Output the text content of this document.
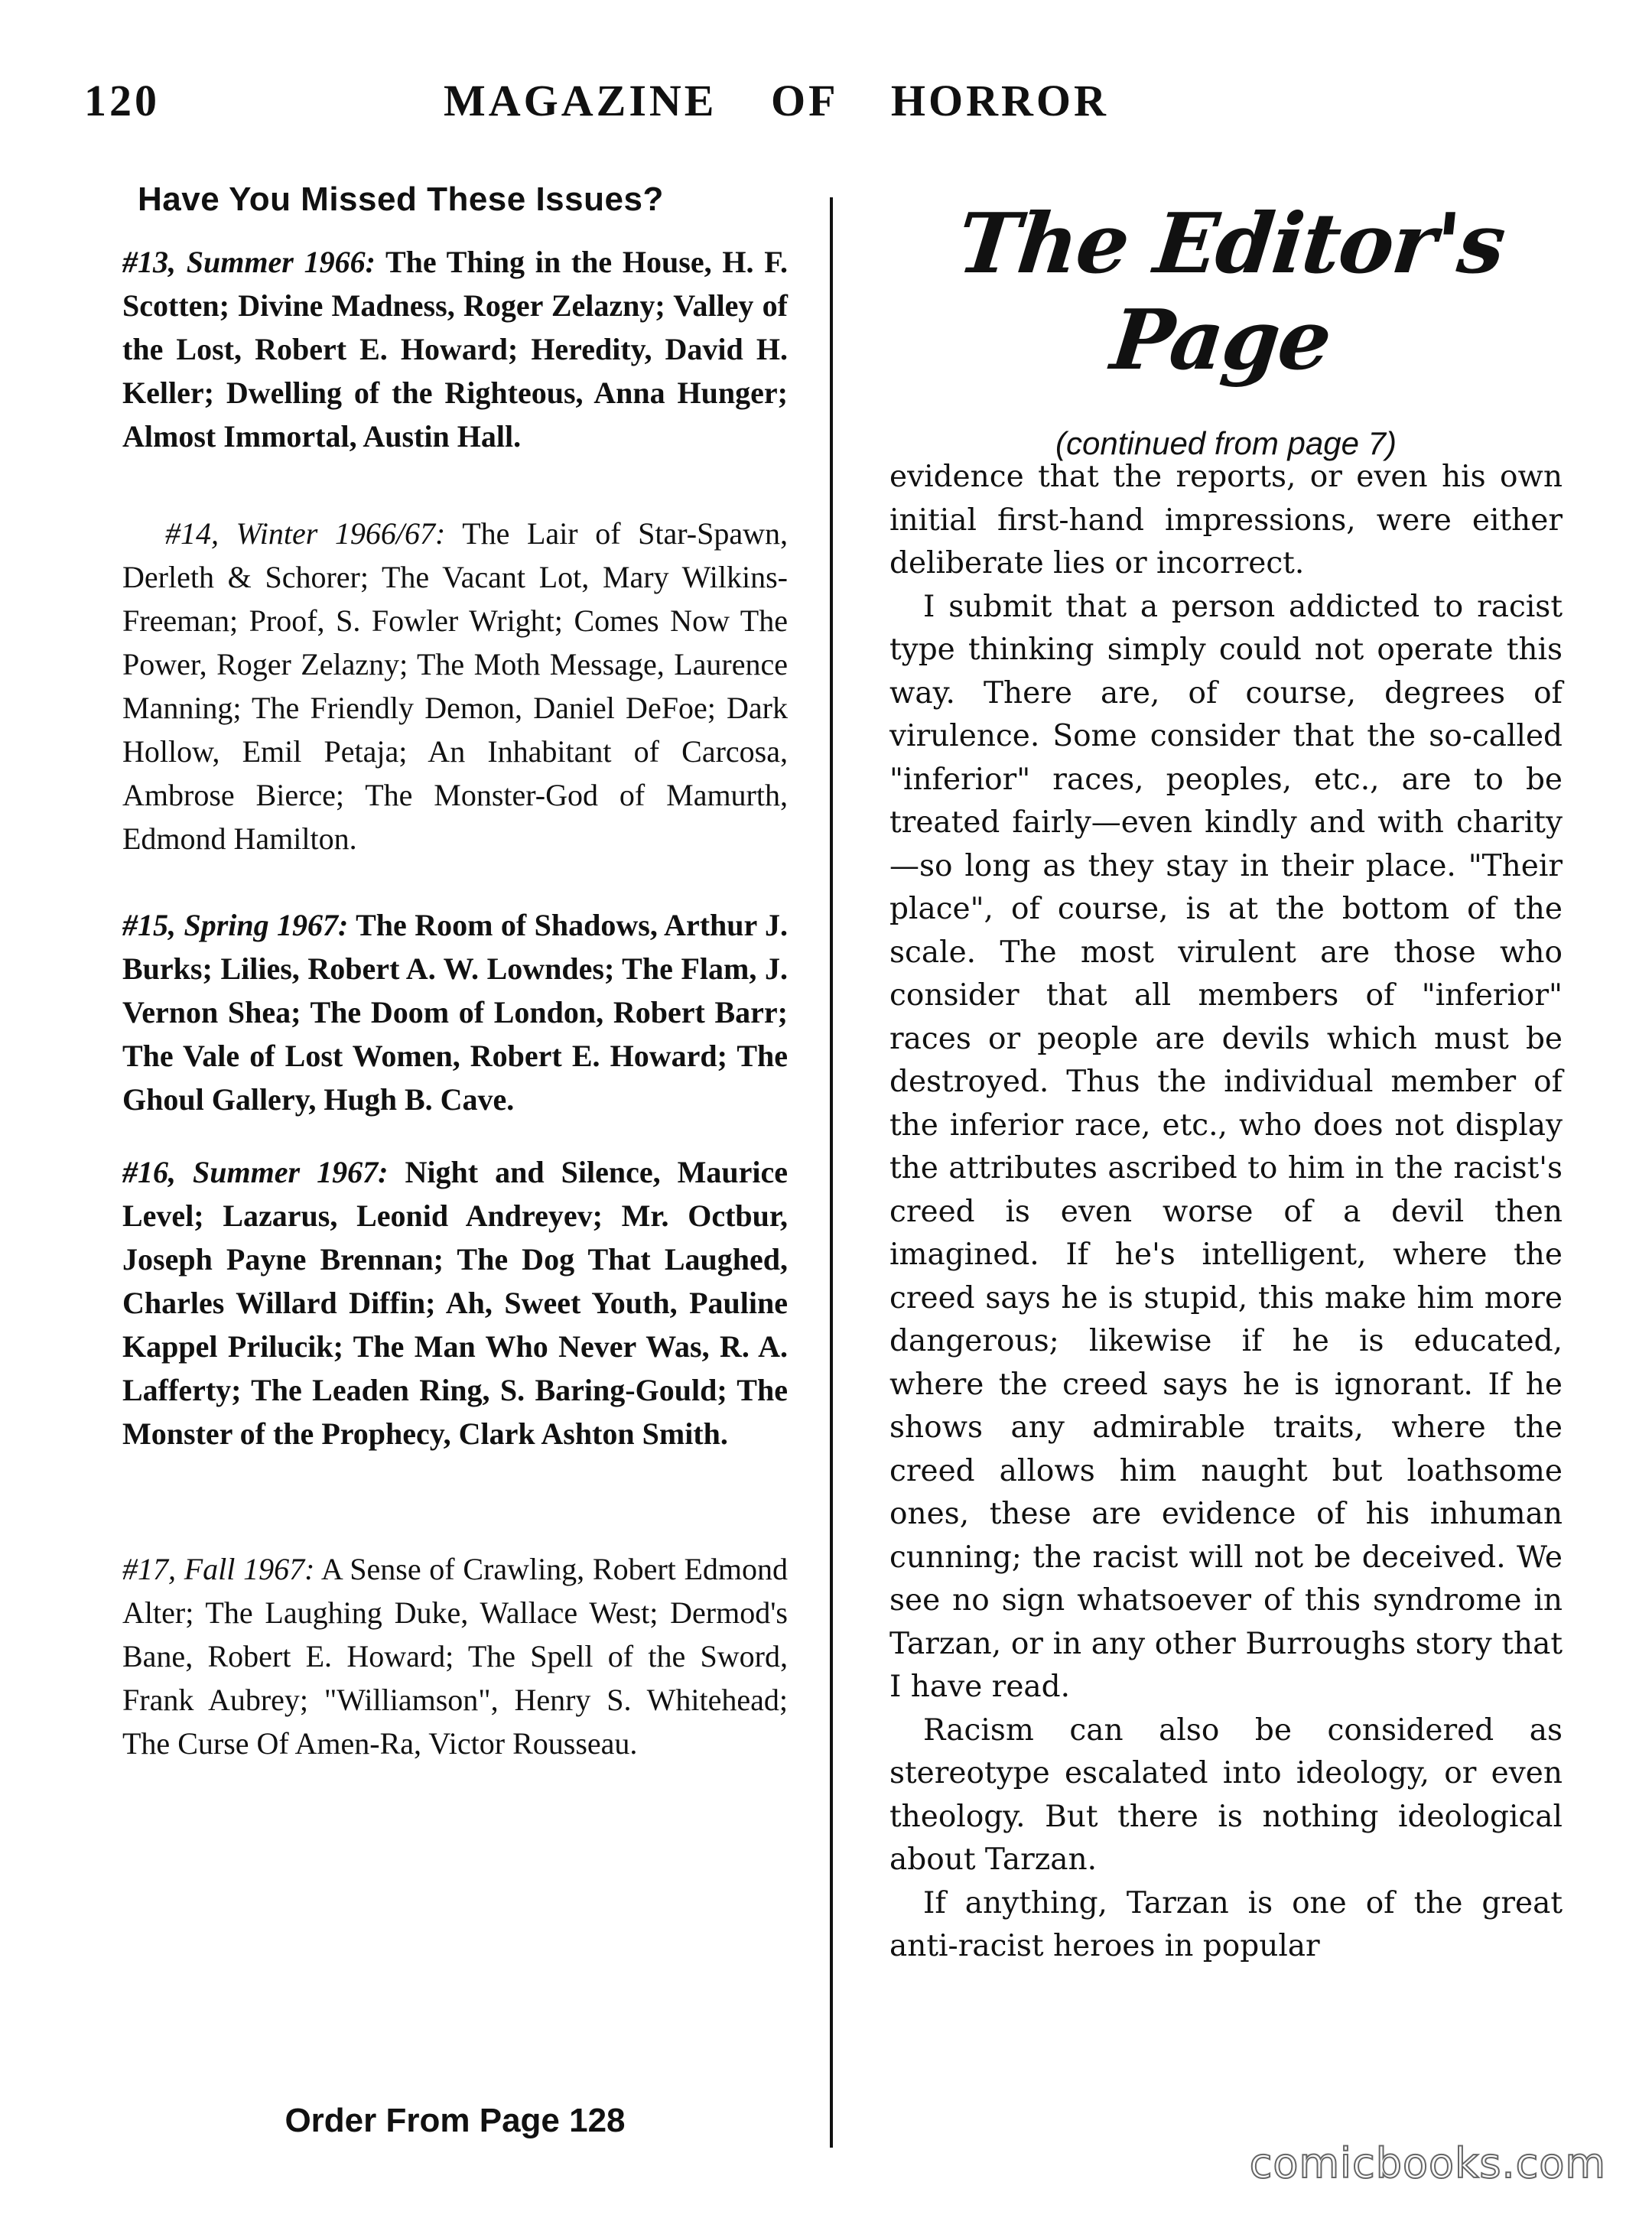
120	MAGAZINE OF HORROR
Have You Missed These Issues?

#13, Summer 1966: The Thing in the House, H. F. Scotten; Divine Madness, Roger Zelazny; Valley of the Lost, Robert E. Howard; Heredity, David H. Keller; Dwelling of the Righteous, Anna Hunger; Almost Immortal, Austin Hall.

#14, Winter 1966/67: The Lair of Star-Spawn, Derleth & Schorer; The Vacant Lot, Mary Wilkins-Freeman; Proof, S. Fowler Wright; Comes Now The Power, Roger Zelazny; The Moth Message, Laurence Manning; The Friendly Demon, Daniel DeFoe; Dark Hollow, Emil Petaja; An Inhabitant of Carcosa, Ambrose Bierce; The Monster-God of Mamurth, Edmond Hamilton.

#15, Spring 1967: The Room of Shadows, Arthur J. Burks; Lilies, Robert A. W. Lowndes; The Flam, J. Vernon Shea; The Doom of London, Robert Barr; The Vale of Lost Women, Robert E. Howard; The Ghoul Gallery, Hugh B. Cave.

#16, Summer 1967: Night and Silence, Maurice Level; Lazarus, Leonid Andreyev; Mr. Octbur, Joseph Payne Brennan; The Dog That Laughed, Charles Willard Diffin; Ah, Sweet Youth, Pauline Kappel Prilucik; The Man Who Never Was, R. A. Lafferty; The Leaden Ring, S. Baring-Gould; The Monster of the Prophecy, Clark Ashton Smith.

#17, Fall 1967: A Sense of Crawling, Robert Edmond Alter; The Laughing Duke, Wallace West; Dermod's Bane, Robert E. Howard; The Spell of the Sword, Frank Aubrey; "Williamson", Henry S. Whitehead; The Curse Of Amen-Ra, Victor Rousseau.

Order From Page 128
The Editor's Page

(continued from page 7)

evidence that the reports, or even his own initial first-hand impressions, were either deliberate lies or incorrect.

I submit that a person addicted to racist type thinking simply could not operate this way. There are, of course, degrees of virulence. Some consider that the so-called "inferior" races, peoples, etc., are to be treated fairly—even kindly and with charity —so long as they stay in their place. "Their place", of course, is at the bottom of the scale. The most virulent are those who consider that all members of "inferior" races or people are devils which must be destroyed. Thus the individual member of the inferior race, etc., who does not display the attributes ascribed to him in the racist's creed is even worse of a devil then imagined. If he's intelligent, where the creed says he is stupid, this make him more dangerous; likewise if he is educated, where the creed says he is ignorant. If he shows any admirable traits, where the creed allows him naught but loathsome ones, these are evidence of his inhuman cunning; the racist will not be deceived. We see no sign whatsoever of this syndrome in Tarzan, or in any other Burroughs story that I have read.

Racism can also be considered as stereotype escalated into ideology, or even theology. But there is nothing ideological about Tarzan.

If anything, Tarzan is one of the great anti-racist heroes in popular

comicbooks.com
